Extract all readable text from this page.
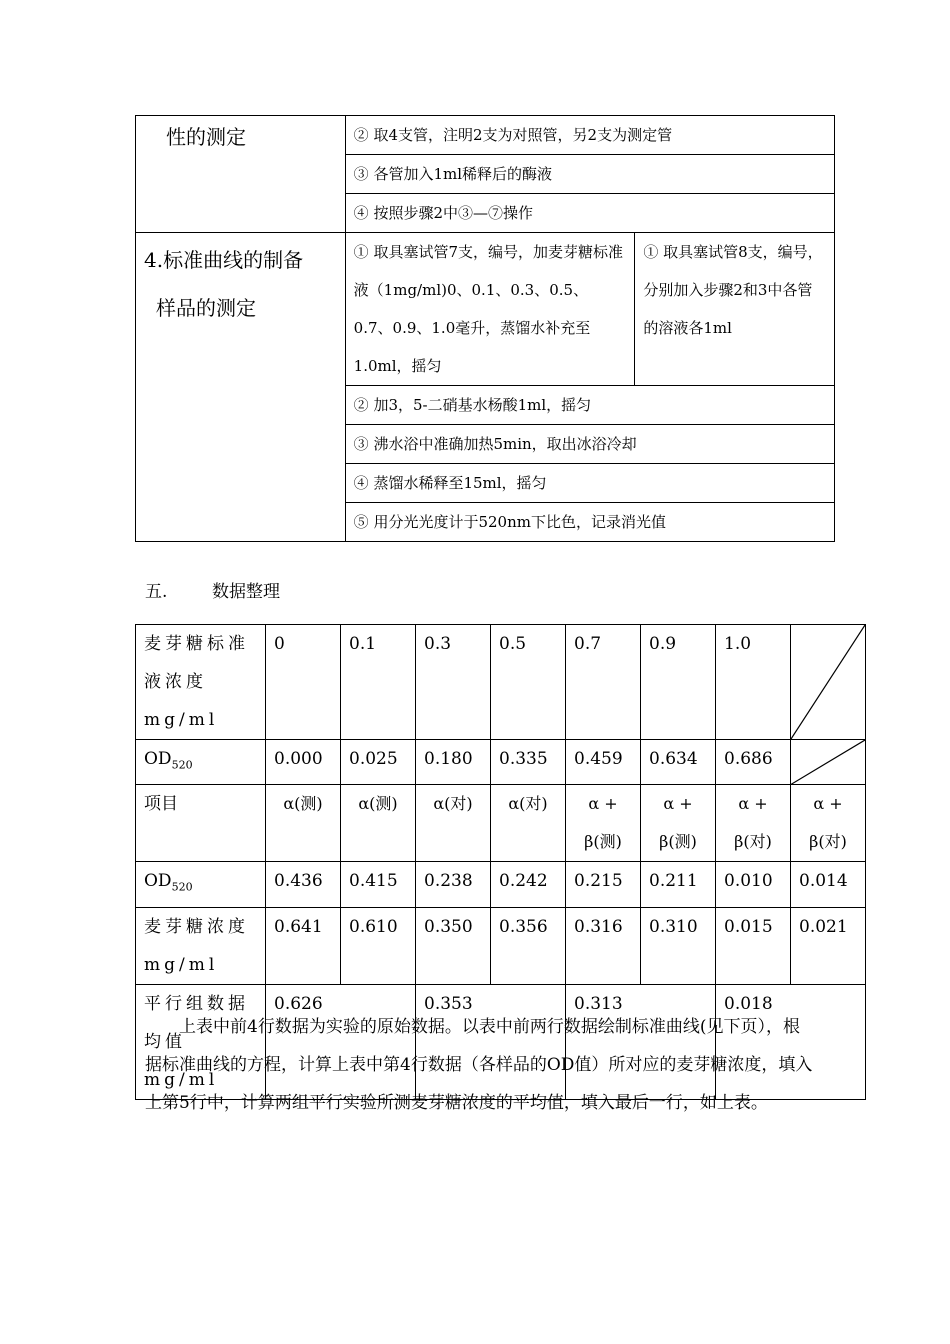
性的测定	② 取4支管，注明2支为对照管，另2支为测定管	
	③ 各管加入1ml稀释后的酶液	
	④ 按照步骤2中③—⑦操作	

4.标准曲线的制备
样品的测定	① 取具塞试管7支，编号，加麦芽糖标准液（1mg/ml)0、0.1、0.3、0.5、0.7、0.9、1.0毫升，蒸馏水补充至1.0ml，摇匀	① 取具塞试管8支，编号，分别加入步骤2和3中各管的溶液各1ml
	② 加3，5-二硝基水杨酸1ml，摇匀	
	③ 沸水浴中准确加热5min，取出冰浴冷却	
	④ 蒸馏水稀释至15ml，摇匀	
	⑤ 用分光光度计于520nm下比色，记录消光值	
五.	数据整理
麦芽糖标准液浓度 mg/ml	0	0.1	0.3	0.5	0.7	0.9	1.0	

$OD_{520}$	0.000	0.025	0.180	0.335	0.459	0.634	0.686	

项目	α(测)	α(测)	α(对)	α(对)	α + β(测)	α + β(测)	α + β(对)	α + β(对)
$OD_{520}$	0.436	0.415	0.238	0.242	0.215	0.211	0.010	0.014
麦芽糖浓度 mg/ml	0.641	0.610	0.350	0.356	0.316	0.310	0.015	0.021
平行组数据均值 mg/ml	0.626		0.353		0.313		0.018	

上表中前4行数据为实验的原始数据。以表中前两行数据绘制标准曲线(见下页），根据标准曲线的方程，计算上表中第4行数据（各样品的OD值）所对应的麦芽糖浓度，填入上第5行中，计算两组平行实验所测麦芽糖浓度的平均值，填入最后一行，如上表。
